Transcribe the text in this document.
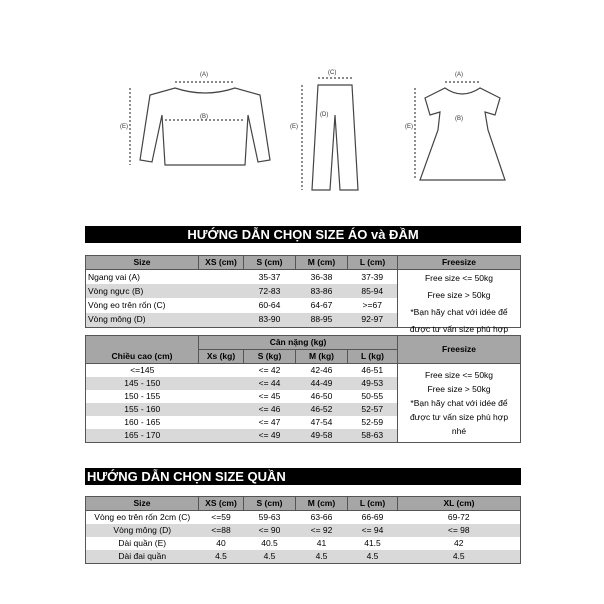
(A)
(B)
(E)
(C)
(D)
(E)
(A)
(B)
(E)
HƯỚNG DẪN CHỌN SIZE ÁO và ĐẦM
Size	XS (cm)	S (cm)	M (cm)	L (cm)	Freesize
Ngang vai (A)		35-37	36-38	37-39	Free size <= 50kg
Free size > 50kg
*Bạn hãy chat với idée để
được tư vấn size phù hợp

Vòng ngực (B)		72-83	83-86	85-94	
Vòng eo trên rốn (C)		60-64	64-67	>=67	
Vòng mông (D)		83-90	88-95	92-97	
Chiều cao (cm)	Cân nặng (kg)				Freesize
	Xs (kg)	S (kg)	M (kg)	L (kg)	
<=145		<= 42	42-46	46-51	Free size <= 50kg
Free size > 50kg
*Bạn hãy chat với idée để
được tư vấn size phù hợp
nhé

145 - 150		<= 44	44-49	49-53	
150 - 155		<= 45	46-50	50-55	
155 - 160		<= 46	46-52	52-57	
160 - 165		<= 47	47-54	52-59	
165 - 170		<= 49	49-58	58-63	
HƯỚNG DẪN CHỌN SIZE QUẦN
Size	XS (cm)	S (cm)	M (cm)	L (cm)	XL (cm)
Vòng eo trên rốn 2cm (C)	<=59	59-63	63-66	66-69	69-72
Vòng mông (D)	<=88	<= 90	<= 92	<= 94	<= 98
Dài quần (E)	40	40.5	41	41.5	42
Dài đai quần	4.5	4.5	4.5	4.5	4.5
